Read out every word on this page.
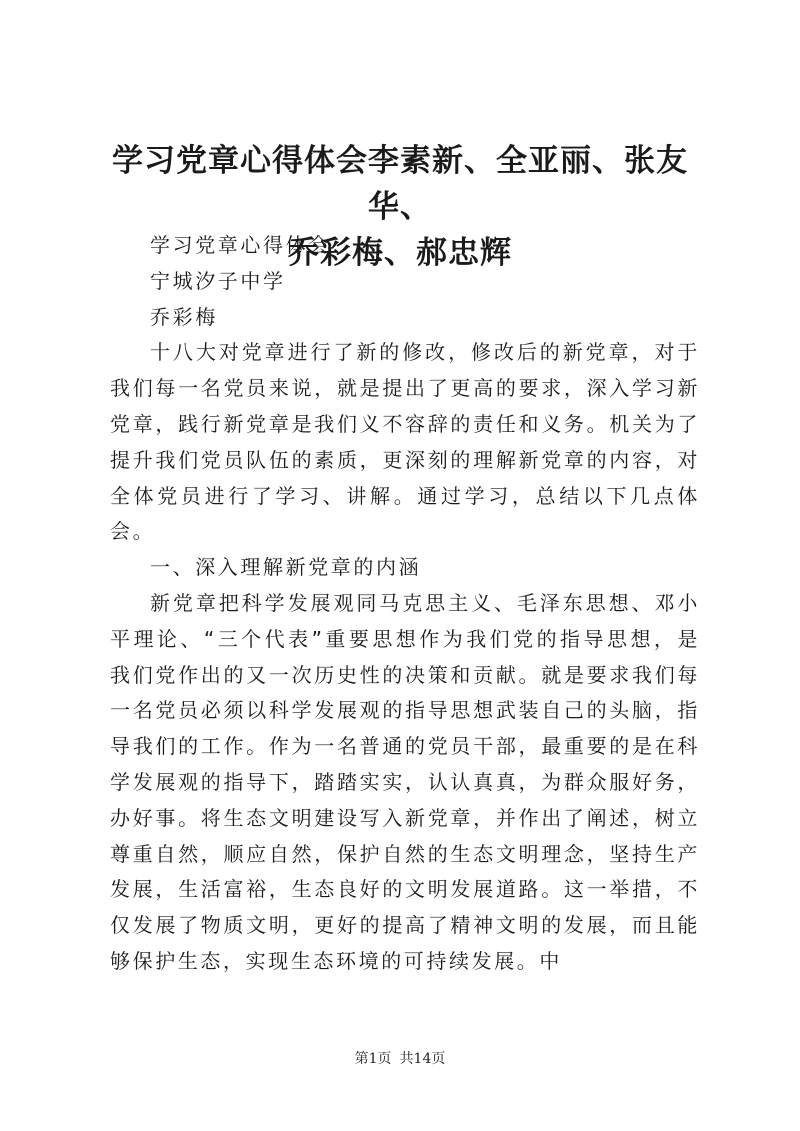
学习党章心得体会李素新、全亚丽、张友华、
乔彩梅、郝忠辉

学习党章心得体会

宁城汐子中学

乔彩梅

十八大对党章进行了新的修改，修改后的新党章，对于我们每一名党员来说，就是提出了更高的要求，深入学习新党章，践行新党章是我们义不容辞的责任和义务。机关为了提升我们党员队伍的素质，更深刻的理解新党章的内容，对全体党员进行了学习、讲解。通过学习，总结以下几点体会。

一、深入理解新党章的内涵

新党章把科学发展观同马克思主义、毛泽东思想、邓小平理论、“三个代表”重要思想作为我们党的指导思想，是我们党作出的又一次历史性的决策和贡献。就是要求我们每一名党员必须以科学发展观的指导思想武装自己的头脑，指导我们的工作。作为一名普通的党员干部，最重要的是在科学发展观的指导下，踏踏实实，认认真真，为群众服好务，办好事。将生态文明建设写入新党章，并作出了阐述，树立尊重自然，顺应自然，保护自然的生态文明理念，坚持生产发展，生活富裕，生态良好的文明发展道路。这一举措，不仅发展了物质文明，更好的提高了精神文明的发展，而且能够保护生态，实现生态环境的可持续发展。中

第1页 共14页
